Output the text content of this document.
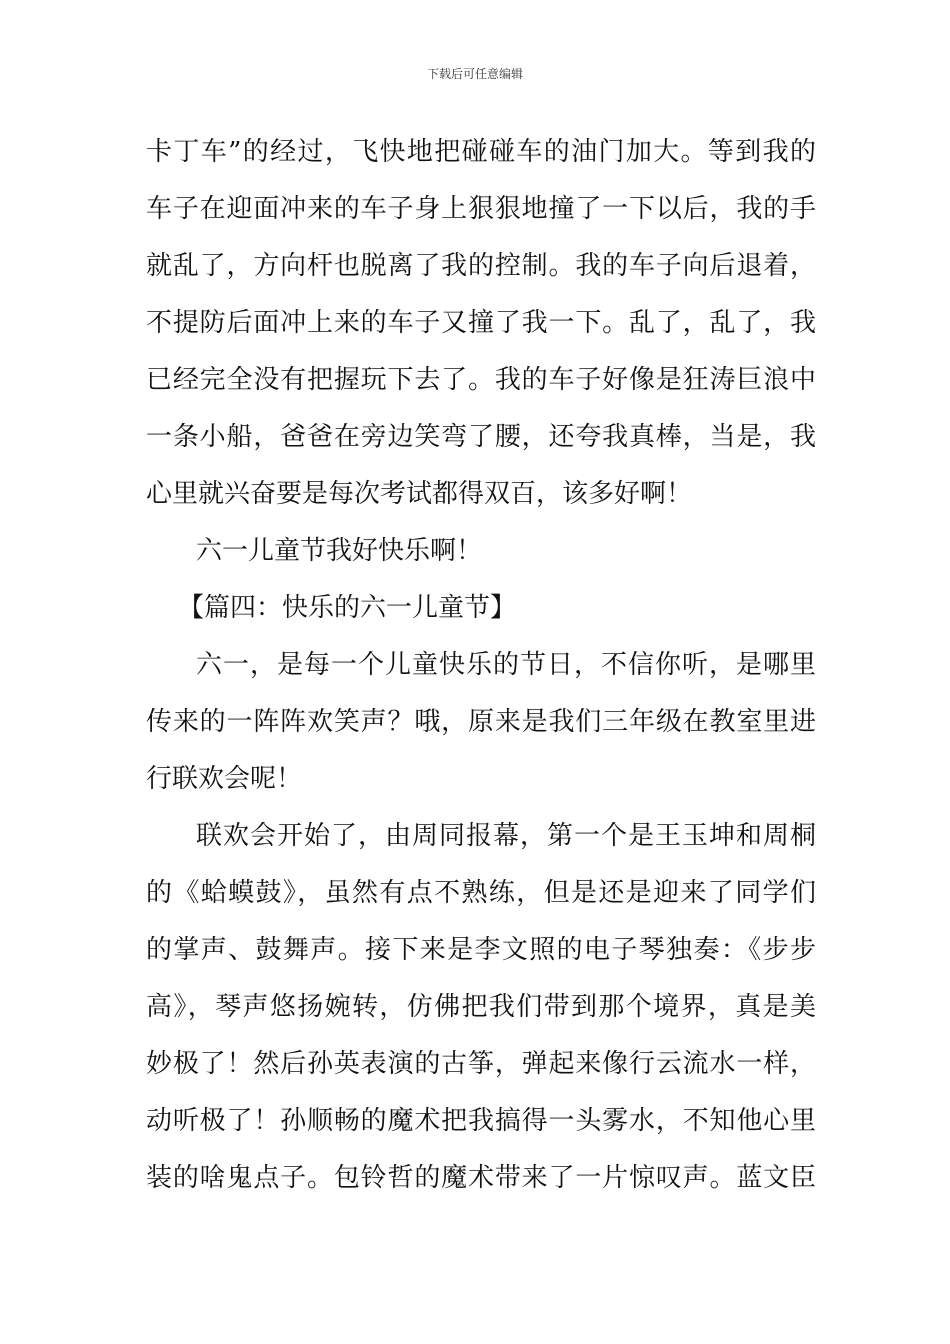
下载后可任意编辑
卡丁车”的经过，飞快地把碰碰车的油门加大。等到我的
车子在迎面冲来的车子身上狠狠地撞了一下以后，我的手
就乱了，方向杆也脱离了我的控制。我的车子向后退着，
不提防后面冲上来的车子又撞了我一下。乱了，乱了，我
已经完全没有把握玩下去了。我的车子好像是狂涛巨浪中
一条小船，爸爸在旁边笑弯了腰，还夸我真棒，当是，我
心里就兴奋要是每次考试都得双百，该多好啊！
六一儿童节我好快乐啊！
【篇四：快乐的六一儿童节】
六一，是每一个儿童快乐的节日，不信你听，是哪里
传来的一阵阵欢笑声？哦，原来是我们三年级在教室里进
行联欢会呢！
联欢会开始了，由周同报幕，第一个是王玉坤和周桐
的《蛤蟆鼓》，虽然有点不熟练，但是还是迎来了同学们
的掌声、鼓舞声。接下来是李文照的电子琴独奏：《步步
高》，琴声悠扬婉转，仿佛把我们带到那个境界，真是美
妙极了！然后孙英表演的古筝，弹起来像行云流水一样，
动听极了！孙顺畅的魔术把我搞得一头雾水，不知他心里
装的啥鬼点子。包铃哲的魔术带来了一片惊叹声。蓝文臣
